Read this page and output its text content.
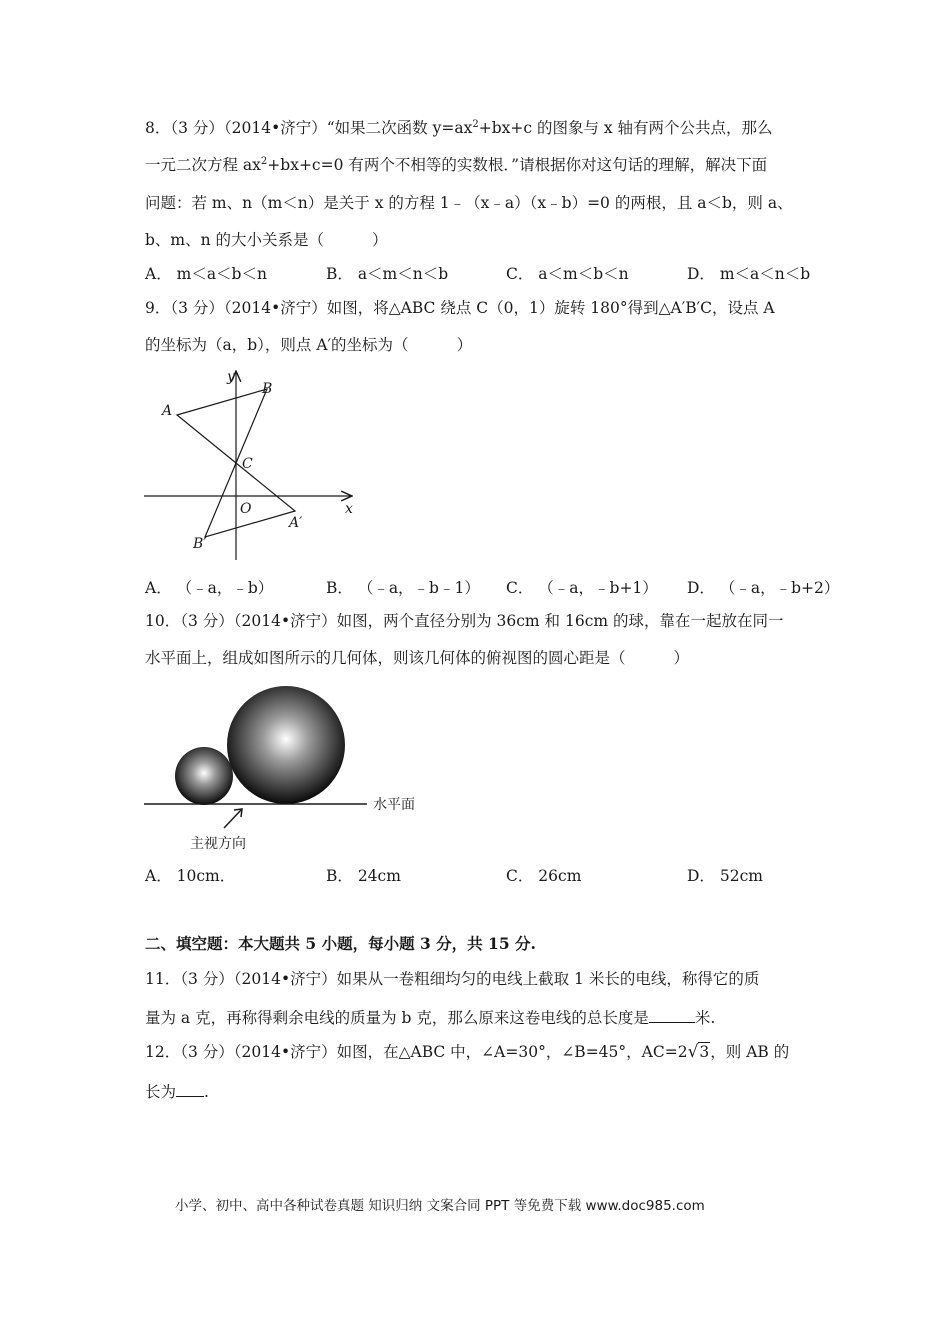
8．（3 分）（2014•济宁）“如果二次函数 $y=ax^2+bx+c$ 的图象与 x 轴有两个公共点，那么
一元二次方程 $ax^2+bx+c=0$ 有两个不相等的实数根．”请根据你对这句话的理解，解决下面
问题：若 m、n（m＜n）是关于 x 的方程 1﹣（x﹣a）（x﹣b）=0 的两根，且 a＜b，则 a、
b、m、n 的大小关系是（	）
A． m＜a＜b＜n	B． a＜m＜n＜b	C． a＜m＜b＜n	D． m＜a＜n＜b
9．（3 分）（2014•济宁）如图，将△ABC 绕点 C（0，1）旋转 180°得到△A′B′C，设点 A
的坐标为（a，b），则点 A′的坐标为（	）
y
x
O
A
B
C
A′
B′
A． （﹣a，﹣b）	B． （﹣a，﹣b﹣1） C． （﹣a，﹣b+1） D． （﹣a，﹣b+2）
10．（3 分）（2014•济宁）如图，两个直径分别为 36cm 和 16cm 的球，靠在一起放在同一
水平面上，组成如图所示的几何体，则该几何体的俯视图的圆心距是（	）
水平面
主视方向
A． 10cm．	B． 24cm	C． 26cm	D． 52cm
二、填空题：本大题共 5 小题，每小题 3 分，共 15 分.
11．（3 分）（2014•济宁）如果从一卷粗细均匀的电线上截取 1 米长的电线，称得它的质
量为 a 克，再称得剩余电线的质量为 b 克，那么原来这卷电线的总长度是	米.
12．（3 分）（2014•济宁）如图，在△ABC 中，∠A=30°，∠B=45°，AC=2√3，则 AB 的
长为 .
小学、初中、高中各种试卷真题 知识归纳 文案合同 PPT 等免费下载 www.doc985.com
